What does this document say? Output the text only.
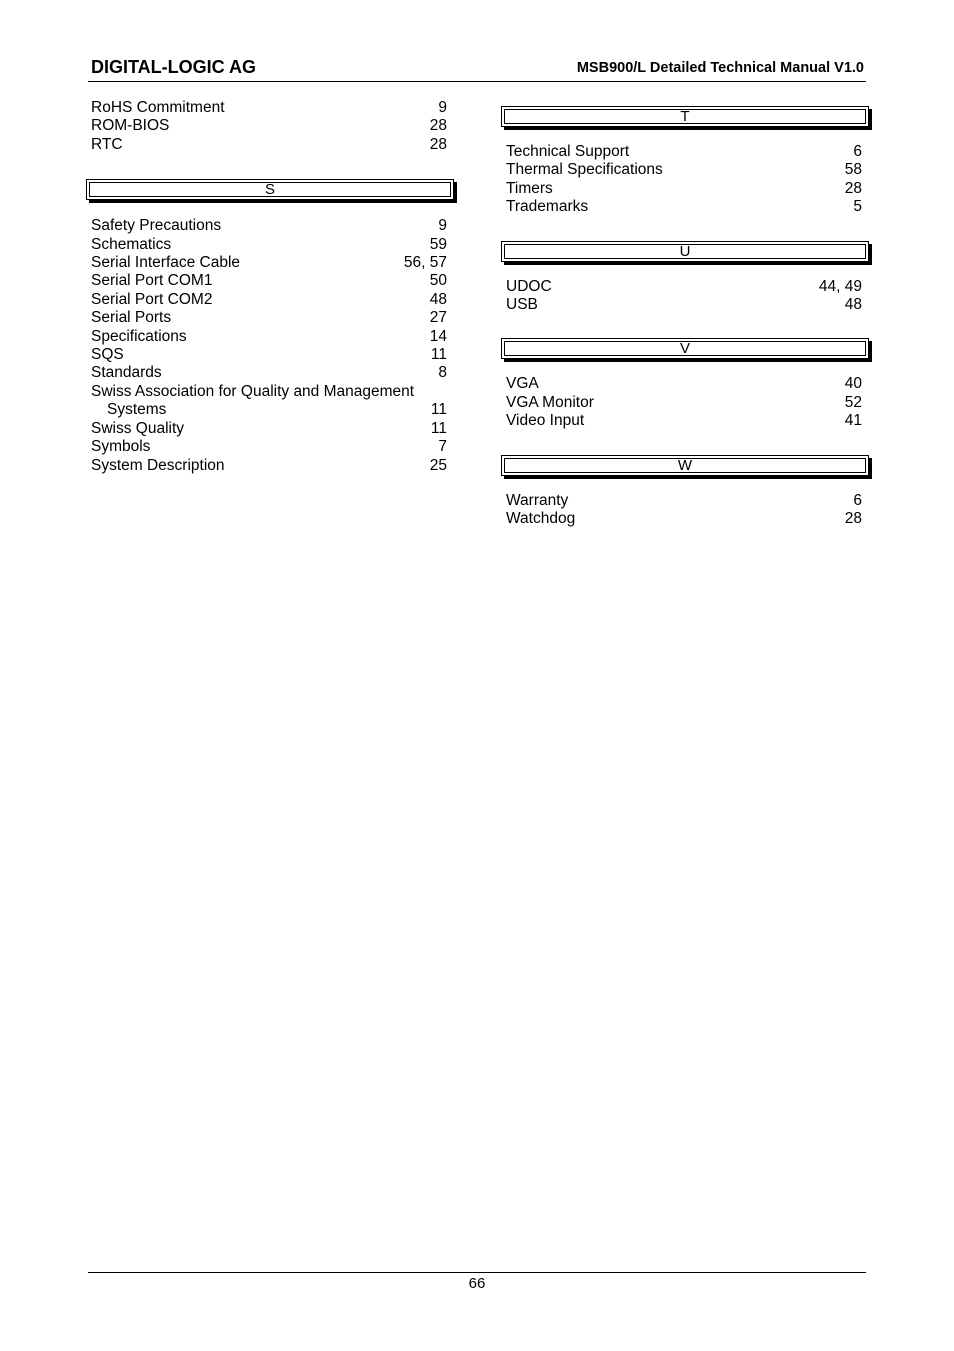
DIGITAL-LOGIC AG	MSB900/L Detailed Technical Manual V1.0
RoHS Commitment	9
ROM-BIOS	28
RTC	28
S
Safety Precautions	9
Schematics	59
Serial Interface Cable	56, 57
Serial Port COM1	50
Serial Port COM2	48
Serial Ports	27
Specifications	14
SQS	11
Standards	8
Swiss Association for Quality and Management
Systems	11
Swiss Quality	11
Symbols	7
System Description	25
T
Technical Support	6
Thermal Specifications	58
Timers	28
Trademarks	5
U
UDOC	44, 49
USB	48
V
VGA	40
VGA Monitor	52
Video Input	41
W
Warranty	6
Watchdog	28
66
